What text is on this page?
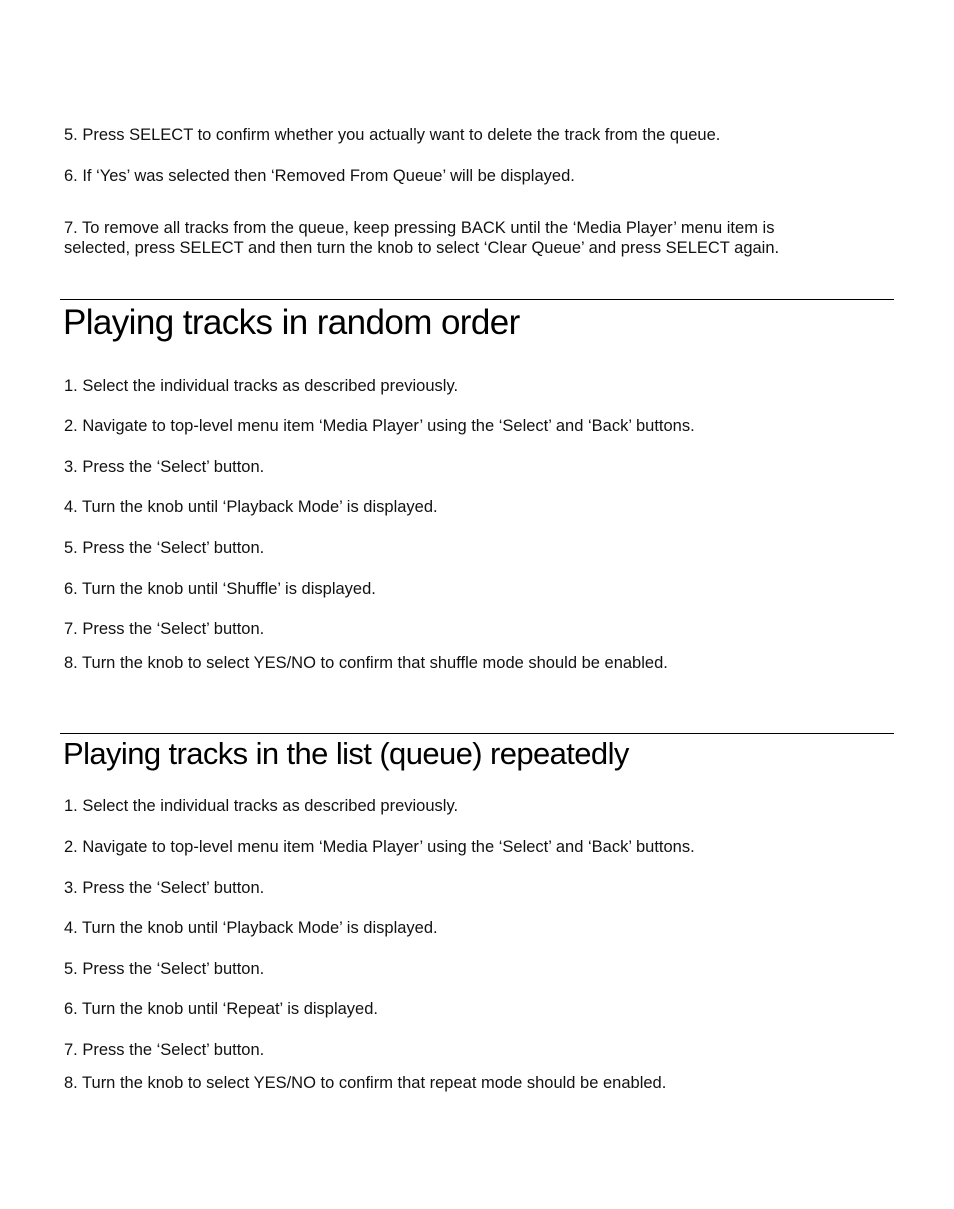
5. Press SELECT to confirm whether you actually want to delete the track from the queue.

6. If ‘Yes’ was selected then ‘Removed From Queue’ will be displayed.

7. To remove all tracks from the queue, keep pressing BACK until the ‘Media Player’ menu item is

selected, press SELECT and then turn the knob to select ‘Clear Queue’ and press SELECT again.

Playing tracks in random order

1. Select the individual tracks as described previously.

2. Navigate to top-level menu item ‘Media Player’ using the ‘Select’ and ‘Back’ buttons.

3. Press the ‘Select’ button.

4. Turn the knob until ‘Playback Mode’ is displayed.

5. Press the ‘Select’ button.

6. Turn the knob until ‘Shuffle’ is displayed.

7. Press the ‘Select’ button.

8. Turn the knob to select YES/NO to confirm that shuffle mode should be enabled.

Playing tracks in the list (queue) repeatedly

1. Select the individual tracks as described previously.

2. Navigate to top-level menu item ‘Media Player’ using the ‘Select’ and ‘Back’ buttons.

3. Press the ‘Select’ button.

4. Turn the knob until ‘Playback Mode’ is displayed.

5. Press the ‘Select’ button.

6. Turn the knob until ‘Repeat’ is displayed.

7. Press the ‘Select’ button.

8. Turn the knob to select YES/NO to confirm that repeat mode should be enabled.
